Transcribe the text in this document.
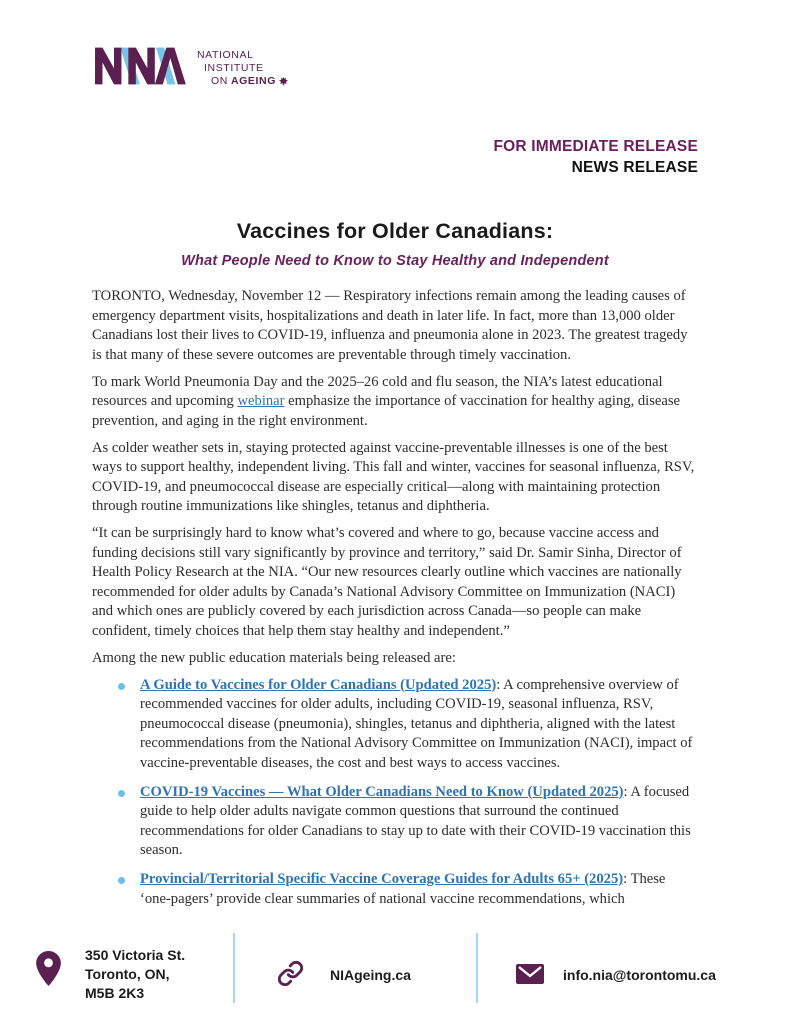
NATIONAL
INSTITUTE
ON AGEING
FOR IMMEDIATE RELEASE
NEWS RELEASE
Vaccines for Older Canadians:
What People Need to Know to Stay Healthy and Independent

TORONTO, Wednesday, November 12 — Respiratory infections remain among the leading causes of emergency department visits, hospitalizations and death in later life. In fact, more than 13,000 older Canadians lost their lives to COVID-19, influenza and pneumonia alone in 2023. The greatest tragedy is that many of these severe outcomes are preventable through timely vaccination.

To mark World Pneumonia Day and the 2025–26 cold and flu season, the NIA’s latest educational resources and upcoming webinar emphasize the importance of vaccination for healthy aging, disease prevention, and aging in the right environment.

As colder weather sets in, staying protected against vaccine-preventable illnesses is one of the best ways to support healthy, independent living. This fall and winter, vaccines for seasonal influenza, RSV, COVID-19, and pneumococcal disease are especially critical—along with maintaining protection through routine immunizations like shingles, tetanus and diphtheria.

“It can be surprisingly hard to know what’s covered and where to go, because vaccine access and funding decisions still vary significantly by province and territory,” said Dr. Samir Sinha, Director of Health Policy Research at the NIA. “Our new resources clearly outline which vaccines are nationally recommended for older adults by Canada’s National Advisory Committee on Immunization (NACI) and which ones are publicly covered by each jurisdiction across Canada—so people can make confident, timely choices that help them stay healthy and independent.”

Among the new public education materials being released are:

A Guide to Vaccines for Older Canadians (Updated 2025): A comprehensive overview of recommended vaccines for older adults, including COVID-19, seasonal influenza, RSV, pneumococcal disease (pneumonia), shingles, tetanus and diphtheria, aligned with the latest recommendations from the National Advisory Committee on Immunization (NACI), impact of vaccine-preventable diseases, the cost and best ways to access vaccines.
COVID-19 Vaccines — What Older Canadians Need to Know (Updated 2025): A focused guide to help older adults navigate common questions that surround the continued recommendations for older Canadians to stay up to date with their COVID-19 vaccination this season.
Provincial/Territorial Specific Vaccine Coverage Guides for Adults 65+ (2025): These ‘one-pagers’ provide clear summaries of national vaccine recommendations, which
350 Victoria St.
Toronto, ON,
M5B 2K3
NIAgeing.ca	info.nia@torontomu.ca
